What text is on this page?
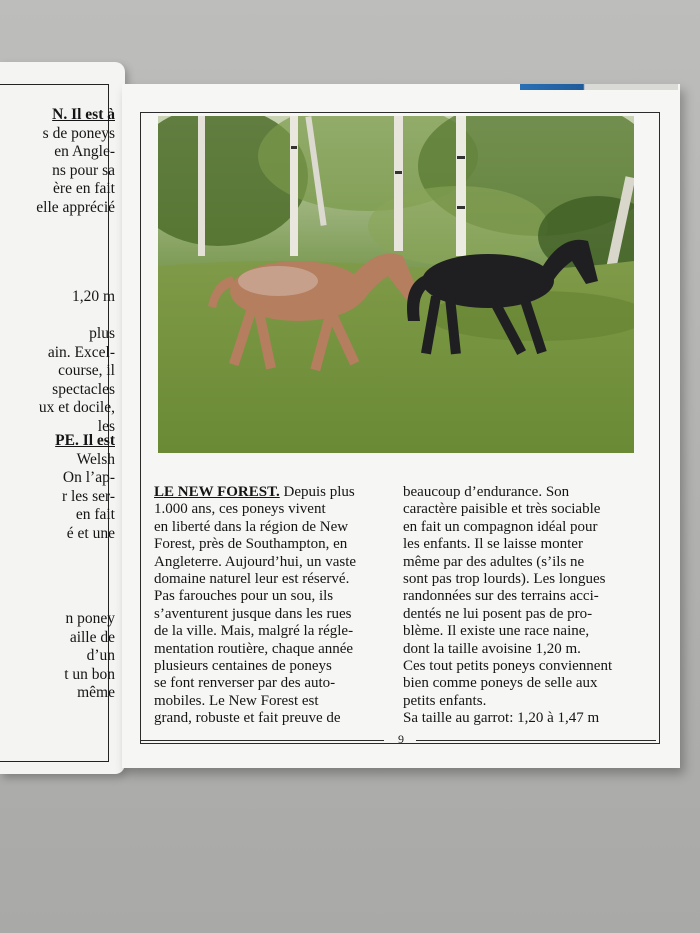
N. Il est à
s de poneys
en Angle-
ns pour sa
ère en fait
elle apprécié
1,20 m

plus
ain. Excel-
course, il
spectacles
ux et docile,
les
PE. Il est
Welsh
On l’ap-
r les ser-
en fait
é et une
n poney
aille de
d’un
t un bon
même
LE NEW FOREST. Depuis plus
1.000 ans, ces poneys vivent
en liberté dans la région de New
Forest, près de Southampton, en
Angleterre. Aujourd’hui, un vaste
domaine naturel leur est réservé.
Pas farouches pour un sou, ils
s’aventurent jusque dans les rues
de la ville. Mais, malgré la régle-
mentation routière, chaque année
plusieurs centaines de poneys
se font renverser par des auto-
mobiles. Le New Forest est
grand, robuste et fait preuve de
beaucoup d’endurance. Son
caractère paisible et très sociable
en fait un compagnon idéal pour
les enfants. Il se laisse monter
même par des adultes (s’ils ne
sont pas trop lourds). Les longues
randonnées sur des terrains acci-
dentés ne lui posent pas de pro-
blème. Il existe une race naine,
dont la taille avoisine 1,20 m.
Ces tout petits poneys conviennent
bien comme poneys de selle aux
petits enfants.
Sa taille au garrot: 1,20 à 1,47 m
9
